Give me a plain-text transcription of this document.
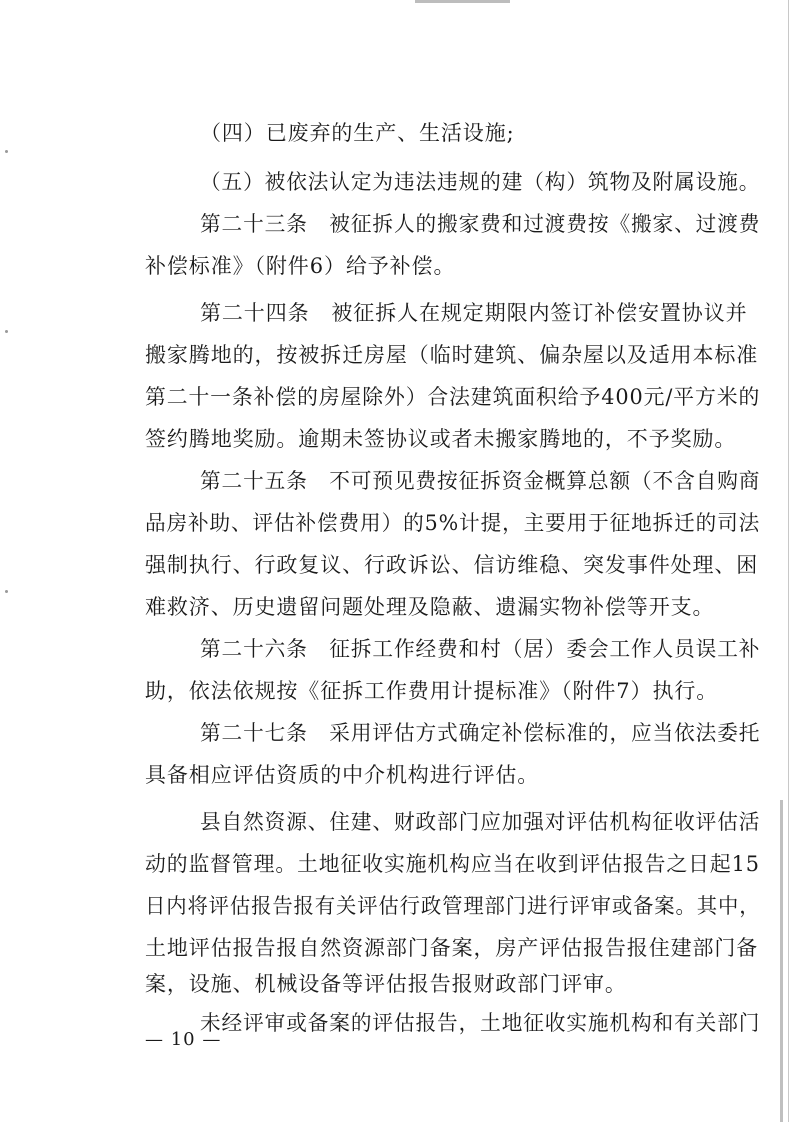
（四）已废弃的生产、生活设施;
（五）被依法认定为违法违规的建（构）筑物及附属设施。
第二十三条　被征拆人的搬家费和过渡费按《搬家、过渡费
补偿标准》（附件6）给予补偿。
第二十四条　被征拆人在规定期限内签订补偿安置协议并
搬家腾地的，按被拆迁房屋（临时建筑、偏杂屋以及适用本标准
第二十一条补偿的房屋除外）合法建筑面积给予400元/平方米的
签约腾地奖励。逾期未签协议或者未搬家腾地的，不予奖励。
第二十五条　不可预见费按征拆资金概算总额（不含自购商
品房补助、评估补偿费用）的5%计提，主要用于征地拆迁的司法
强制执行、行政复议、行政诉讼、信访维稳、突发事件处理、困
难救济、历史遗留问题处理及隐蔽、遗漏实物补偿等开支。
第二十六条　征拆工作经费和村（居）委会工作人员误工补
助，依法依规按《征拆工作费用计提标准》（附件7）执行。
第二十七条　采用评估方式确定补偿标准的，应当依法委托
具备相应评估资质的中介机构进行评估。
县自然资源、住建、财政部门应加强对评估机构征收评估活
动的监督管理。土地征收实施机构应当在收到评估报告之日起15
日内将评估报告报有关评估行政管理部门进行评审或备案。其中，
土地评估报告报自然资源部门备案，房产评估报告报住建部门备
案，设施、机械设备等评估报告报财政部门评审。
未经评审或备案的评估报告，土地征收实施机构和有关部门
— 10 —
